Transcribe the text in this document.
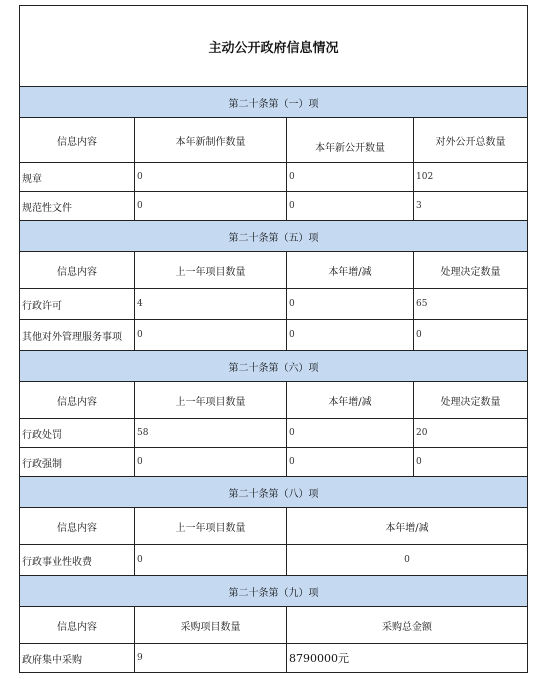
主动公开政府信息情况			
第二十条第（一）项			
信息内容	本年新制作数量	本年新公开数量	对外公开总数量
规章	0	0	102
规范性文件	0	0	3
第二十条第（五）项			
信息内容	上一年项目数量	本年增/减	处理决定数量
行政许可	4	0	65
其他对外管理服务事项	0	0	0
第二十条第（六）项			
信息内容	上一年项目数量	本年增/减	处理决定数量
行政处罚	58	0	20
行政强制	0	0	0
第二十条第（八）项			
信息内容	上一年项目数量	本年增/减	
行政事业性收费	0	0	
第二十条第（九）项			
信息内容	采购项目数量	采购总金额	
政府集中采购	9	8790000元	
